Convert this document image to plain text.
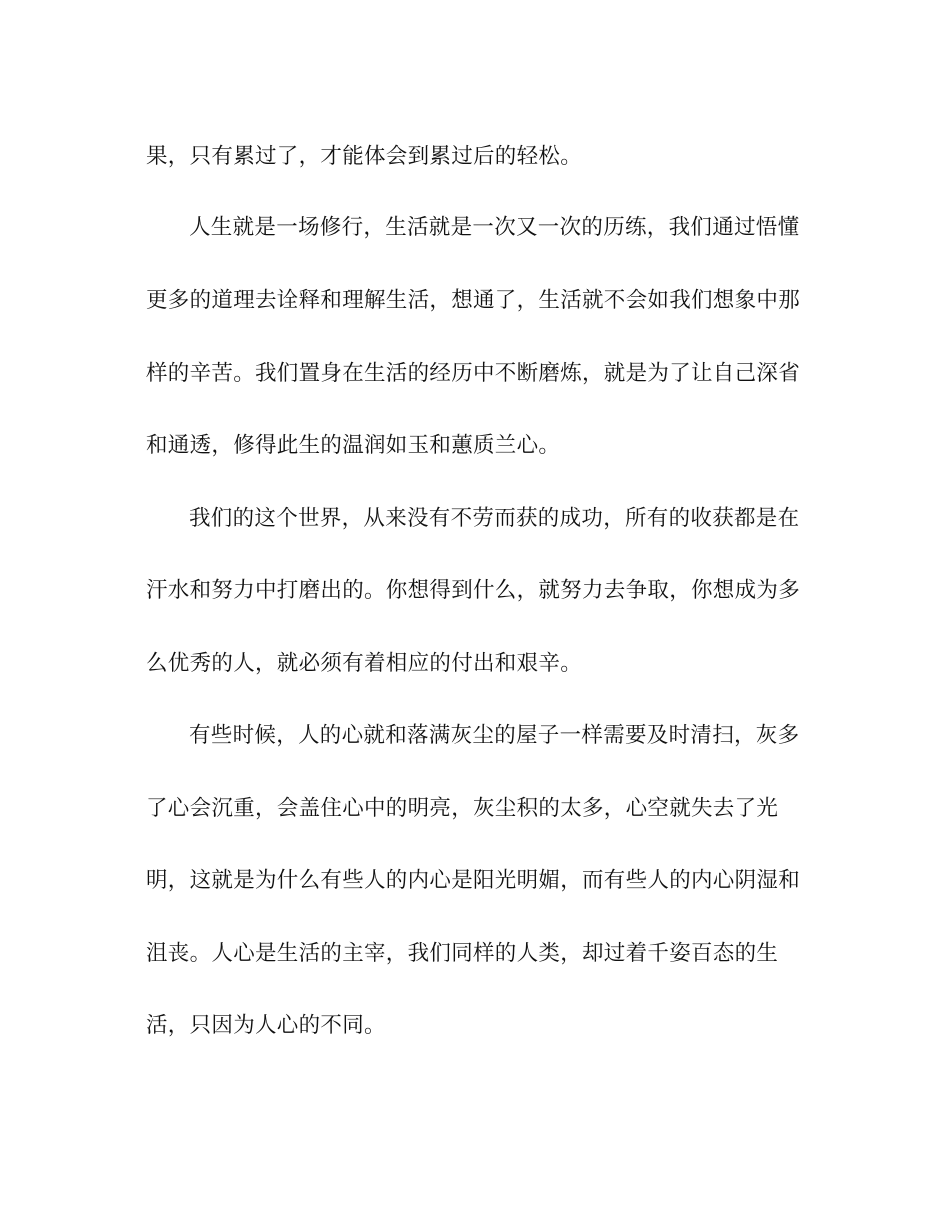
果，只有累过了，才能体会到累过后的轻松。
人生就是一场修行，生活就是一次又一次的历练，我们通过悟懂
更多的道理去诠释和理解生活，想通了，生活就不会如我们想象中那
样的辛苦。我们置身在生活的经历中不断磨炼，就是为了让自己深省
和通透，修得此生的温润如玉和蕙质兰心。
我们的这个世界，从来没有不劳而获的成功，所有的收获都是在
汗水和努力中打磨出的。你想得到什么，就努力去争取，你想成为多
么优秀的人，就必须有着相应的付出和艰辛。
有些时候，人的心就和落满灰尘的屋子一样需要及时清扫，灰多
了心会沉重，会盖住心中的明亮，灰尘积的太多，心空就失去了光
明，这就是为什么有些人的内心是阳光明媚，而有些人的内心阴湿和
沮丧。人心是生活的主宰，我们同样的人类，却过着千姿百态的生
活，只因为人心的不同。
